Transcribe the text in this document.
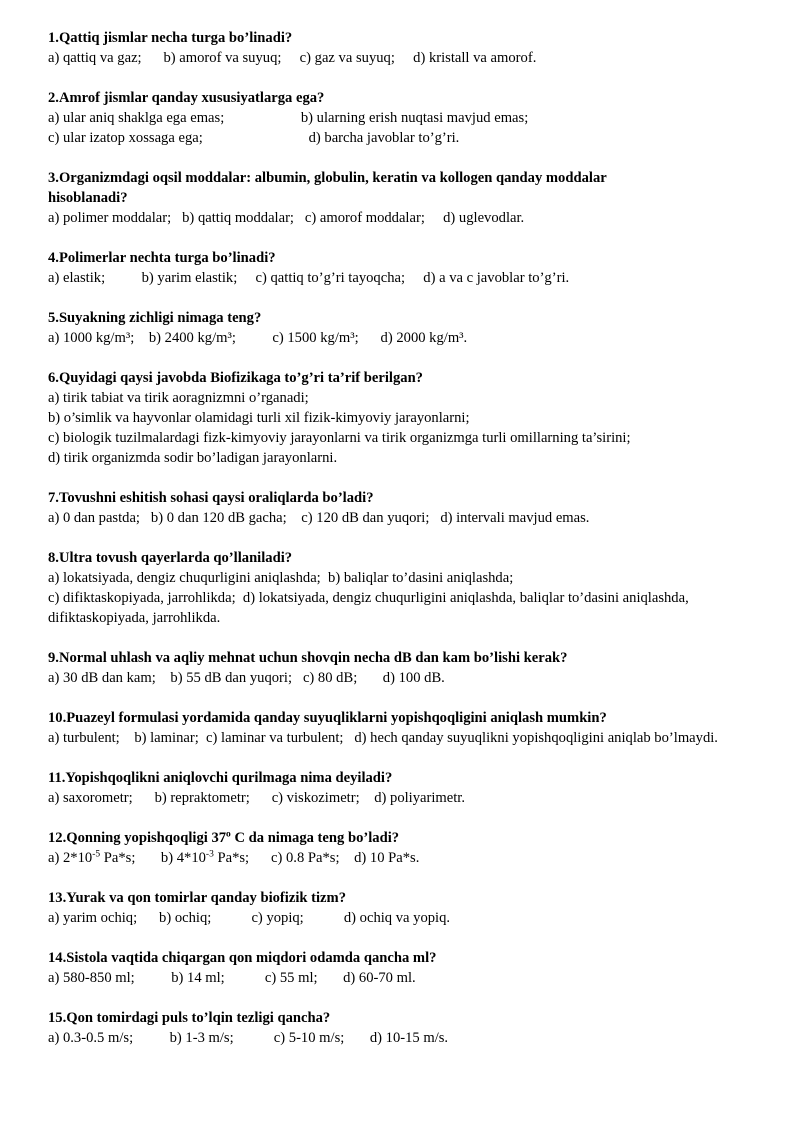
1.Qattiq jismlar necha turga bo’linadi?
a) qattiq va gaz;      b) amorof va suyuq;     c) gaz va suyuq;     d) kristall va amorof.
2.Amrof jismlar qanday xususiyatlarga ega?
a) ular aniq shaklga ega emas;                     b) ularning erish nuqtasi mavjud emas;
c) ular izatop xossaga ega;                             d) barcha javoblar to’g’ri.
3.Organizmdagi oqsil moddalar: albumin, globulin, keratin va kollogen qanday moddalar hisoblanadi?
a) polimer moddalar;   b) qattiq moddalar;   c) amorof moddalar;     d) uglevodlar.
4.Polimerlar nechta turga bo’linadi?
a) elastik;          b) yarim elastik;     c) qattiq to’g’ri tayoqcha;     d) a va c javoblar to’g’ri.
5.Suyakning zichligi nimaga teng?
a) 1000 kg/m³;    b) 2400 kg/m³;          c) 1500 kg/m³;      d) 2000 kg/m³.
6.Quyidagi qaysi javobda Biofizikaga to’g’ri ta’rif berilgan?
a) tirik tabiat va tirik aoragnizmni o’rganadi;
b) o’simlik va hayvonlar olamidagi turli xil fizik-kimyoviy jarayonlarni;
c) biologik tuzilmalardagi fizk-kimyoviy jarayonlarni va tirik organizmga turli omillarning ta’sirini;
d) tirik organizmda sodir bo’ladigan jarayonlarni.
7.Tovushni eshitish sohasi qaysi oraliqlarda bo’ladi?
a) 0 dan pastda;   b) 0 dan 120 dB gacha;    c) 120 dB dan yuqori;   d) intervali mavjud emas.
8.Ultra tovush qayerlarda qo’llaniladi?
a) lokatsiyada, dengiz chuqurligini aniqlashda;  b) baliqlar to’dasini aniqlashda;
c) difiktaskopiyada, jarrohlikda;  d) lokatsiyada, dengiz chuqurligini aniqlashda, baliqlar to’dasini aniqlashda, difiktaskopiyada, jarrohlikda.
9.Normal uhlash va aqliy mehnat uchun shovqin necha dB dan kam bo’lishi kerak?
a) 30 dB dan kam;    b) 55 dB dan yuqori;   c) 80 dB;       d) 100 dB.
10.Puazeyl formulasi yordamida qanday suyuqliklarni yopishqoqligini aniqlash mumkin?
a) turbulent;    b) laminar;  c) laminar va turbulent;   d) hech qanday suyuqlikni yopishqoqligini aniqlab bo’lmaydi.
11.Yopishqoqlikni aniqlovchi qurilmaga nima deyiladi?
a) saxorometr;      b) repraktometr;      c) viskozimetr;    d) poliyarimetr.
12.Qonning yopishqoqligi 37$^o$ C da nimaga teng bo’ladi?
a) $2*10^{-5}$ Pa*s;       b) $4*10^{-3}$ Pa*s;      c) 0.8 Pa*s;    d) 10 Pa*s.
13.Yurak va qon tomirlar qanday biofizik tizm?
a) yarim ochiq;      b) ochiq;           c) yopiq;           d) ochiq va yopiq.
14.Sistola vaqtida chiqargan qon miqdori odamda qancha ml?
a) 580-850 ml;          b) 14 ml;           c) 55 ml;       d) 60-70 ml.
15.Qon tomirdagi puls to’lqin tezligi qancha?
a) 0.3-0.5 m/s;          b) 1-3 m/s;           c) 5-10 m/s;       d) 10-15 m/s.
